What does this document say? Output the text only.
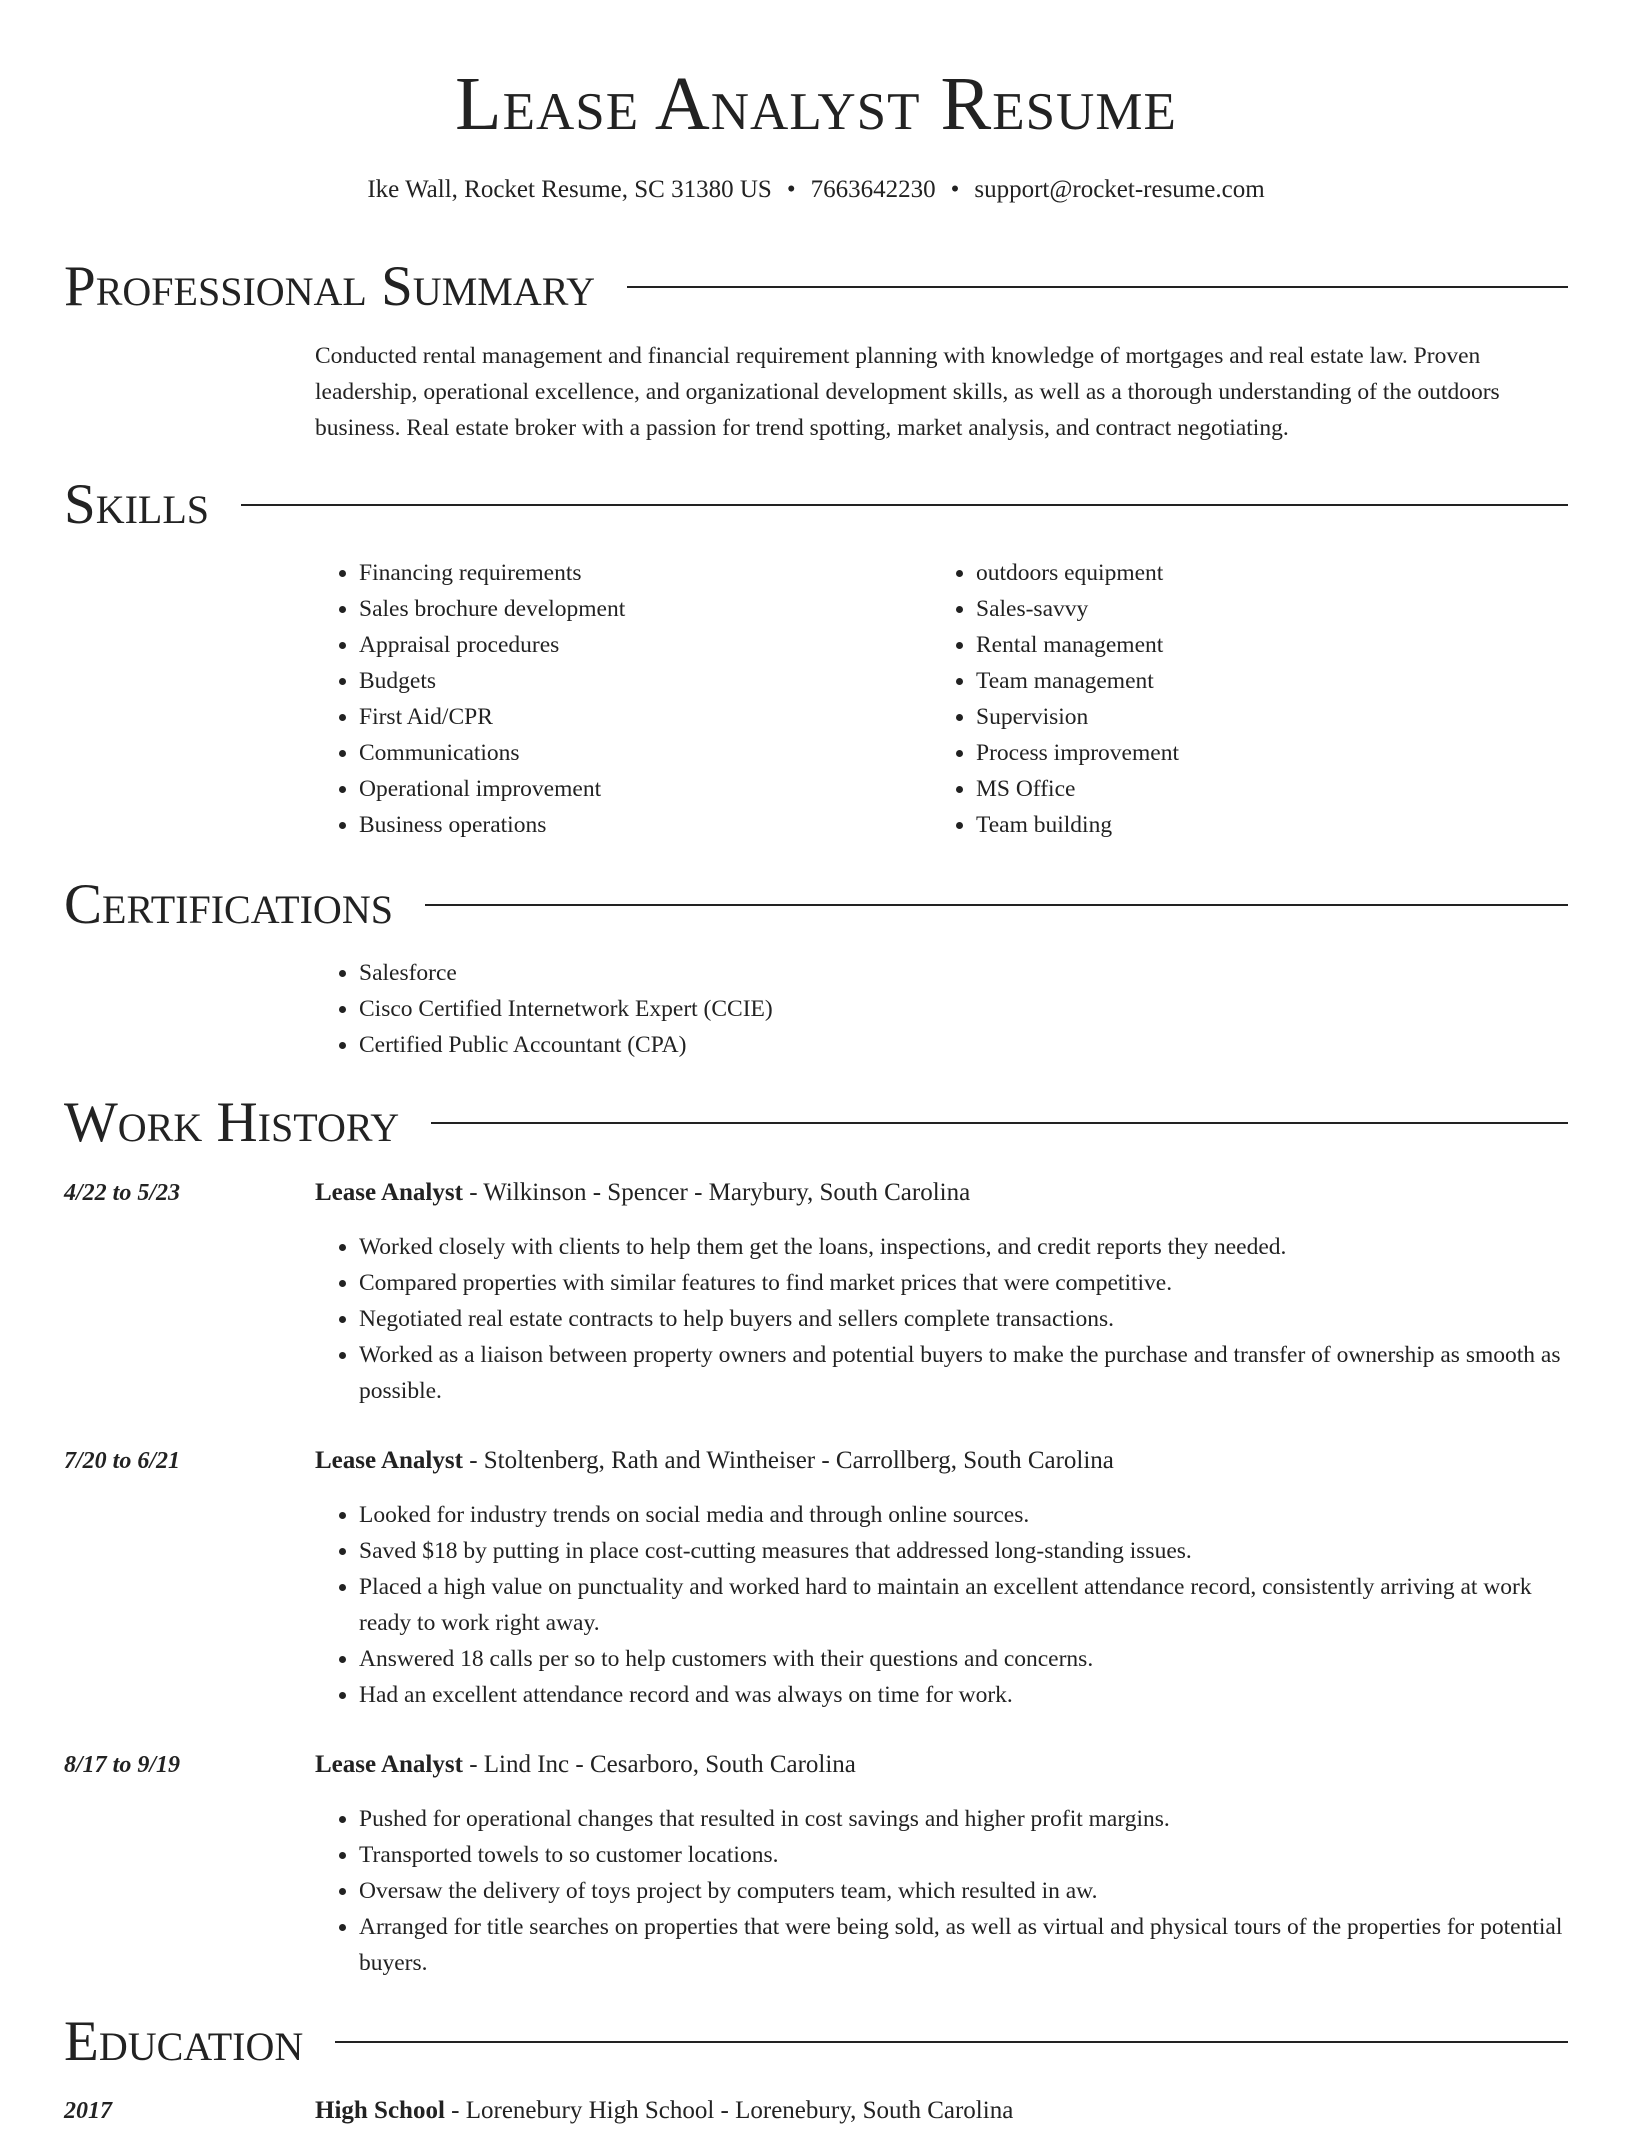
Lease Analyst Resume
Ike Wall, Rocket Resume, SC 31380 US • 7663642230 • support@rocket-resume.com
Professional Summary

Conducted rental management and financial requirement planning with knowledge of mortgages and real estate law. Proven leadership, operational excellence, and organizational development skills, as well as a thorough understanding of the outdoors business. Real estate broker with a passion for trend spotting, market analysis, and contract negotiating.

Skills
• Financing requirements
• Sales brochure development
• Appraisal procedures
• Budgets
• First Aid/CPR
• Communications
• Operational improvement
• Business operations
• outdoors equipment
• Sales-savvy
• Rental management
• Team management
• Supervision
• Process improvement
• MS Office
• Team building
Certifications
• Salesforce
• Cisco Certified Internetwork Expert (CCIE)
• Certified Public Accountant (CPA)
Work History
4/22 to 5/23	Lease Analyst - Wilkinson - Spencer - Marybury, South Carolina
• Worked closely with clients to help them get the loans, inspections, and credit reports they needed.
• Compared properties with similar features to find market prices that were competitive.
• Negotiated real estate contracts to help buyers and sellers complete transactions.
• Worked as a liaison between property owners and potential buyers to make the purchase and transfer of ownership as smooth as possible.
7/20 to 6/21	Lease Analyst - Stoltenberg, Rath and Wintheiser - Carrollberg, South Carolina
• Looked for industry trends on social media and through online sources.
• Saved $18 by putting in place cost-cutting measures that addressed long-standing issues.
• Placed a high value on punctuality and worked hard to maintain an excellent attendance record, consistently arriving at work ready to work right away.
• Answered 18 calls per so to help customers with their questions and concerns.
• Had an excellent attendance record and was always on time for work.
8/17 to 9/19	Lease Analyst - Lind Inc - Cesarboro, South Carolina
• Pushed for operational changes that resulted in cost savings and higher profit margins.
• Transported towels to so customer locations.
• Oversaw the delivery of toys project by computers team, which resulted in aw.
• Arranged for title searches on properties that were being sold, as well as virtual and physical tours of the properties for potential buyers.
Education
2017	High School - Lorenebury High School - Lorenebury, South Carolina
